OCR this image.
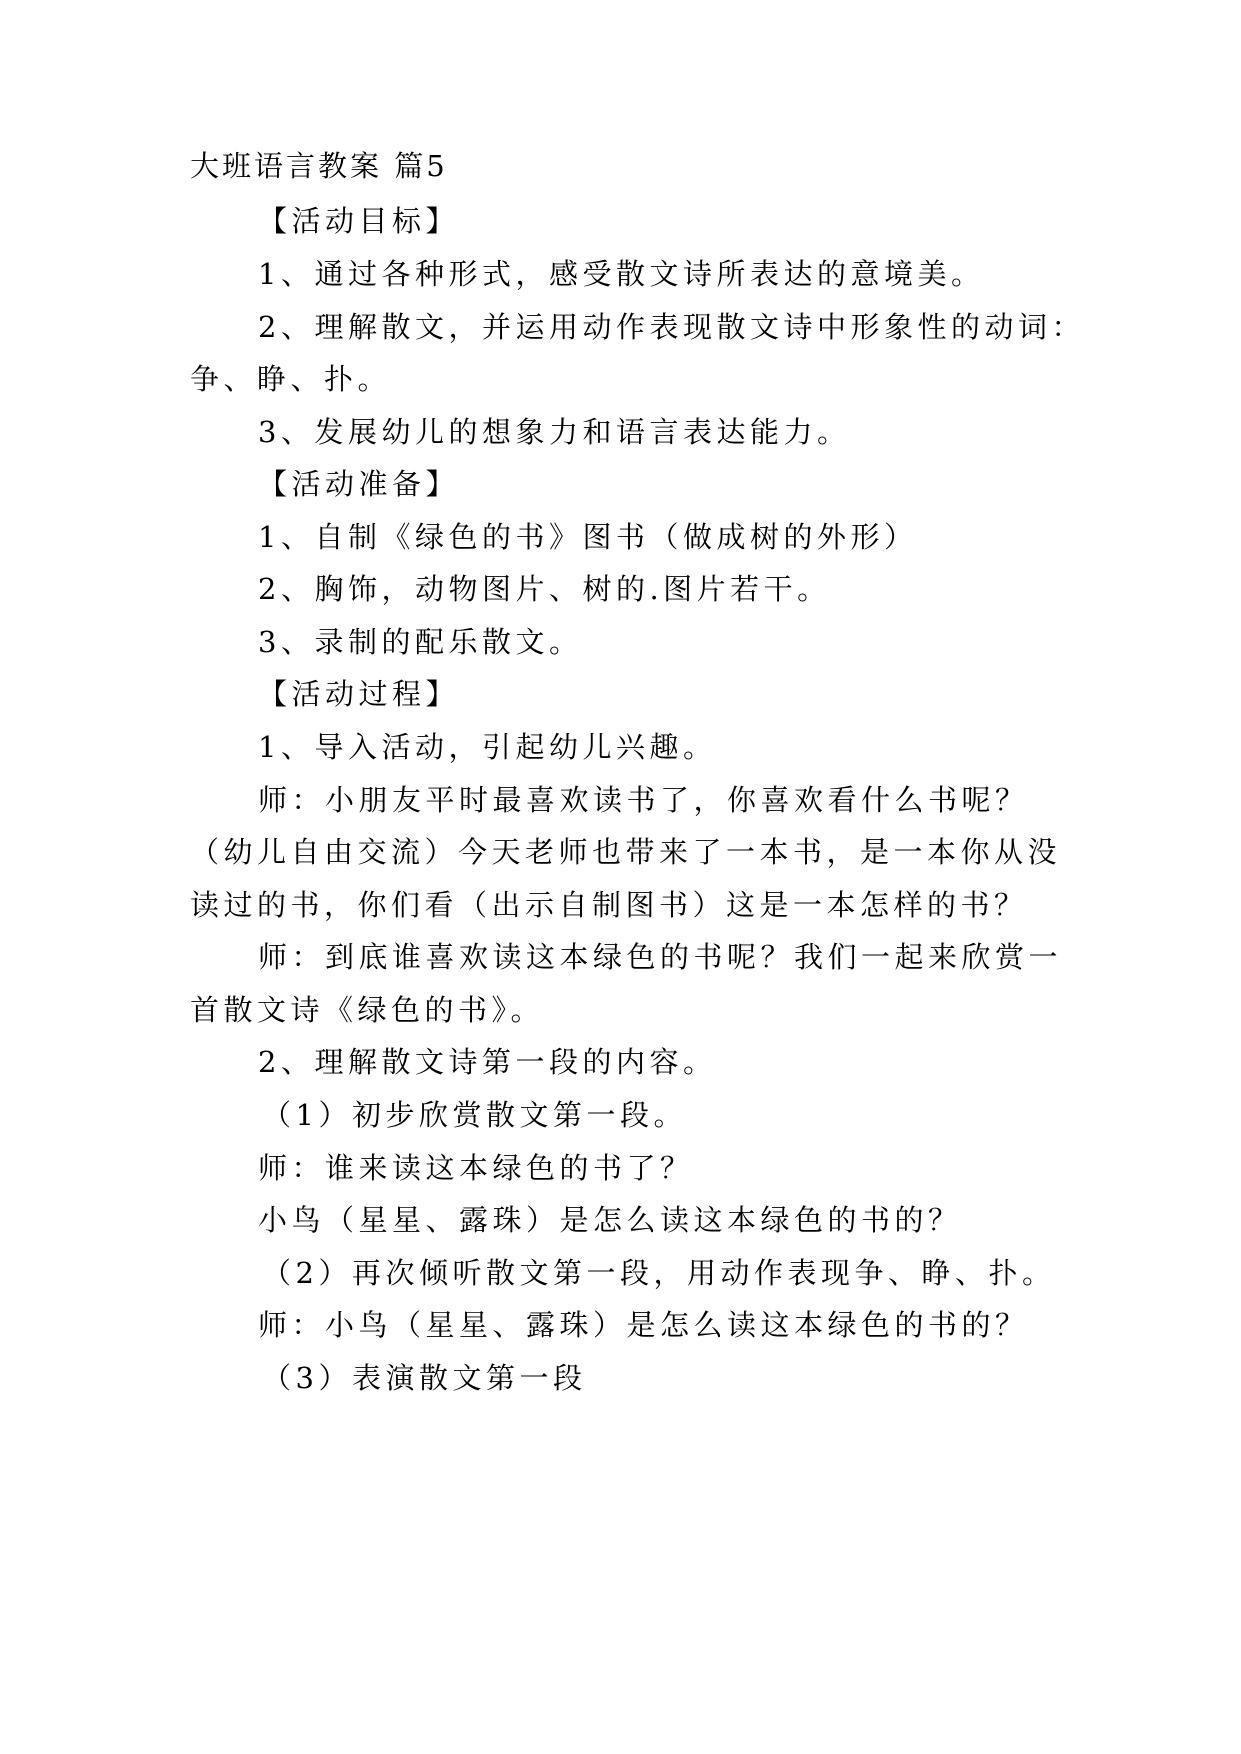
大班语言教案 篇5
【活动目标】
1、通过各种形式，感受散文诗所表达的意境美。
2、理解散文，并运用动作表现散文诗中形象性的动词：
争、睁、扑。
3、发展幼儿的想象力和语言表达能力。
【活动准备】
1、自制《绿色的书》图书（做成树的外形）
2、胸饰，动物图片、树的.图片若干。
3、录制的配乐散文。
【活动过程】
1、导入活动，引起幼儿兴趣。
师：小朋友平时最喜欢读书了，你喜欢看什么书呢？
（幼儿自由交流）今天老师也带来了一本书，是一本你从没
读过的书，你们看（出示自制图书）这是一本怎样的书？
师：到底谁喜欢读这本绿色的书呢？我们一起来欣赏一
首散文诗《绿色的书》。
2、理解散文诗第一段的内容。
（1）初步欣赏散文第一段。
师：谁来读这本绿色的书了？
小鸟（星星、露珠）是怎么读这本绿色的书的？
（2）再次倾听散文第一段，用动作表现争、睁、扑。
师：小鸟（星星、露珠）是怎么读这本绿色的书的？
（3）表演散文第一段
